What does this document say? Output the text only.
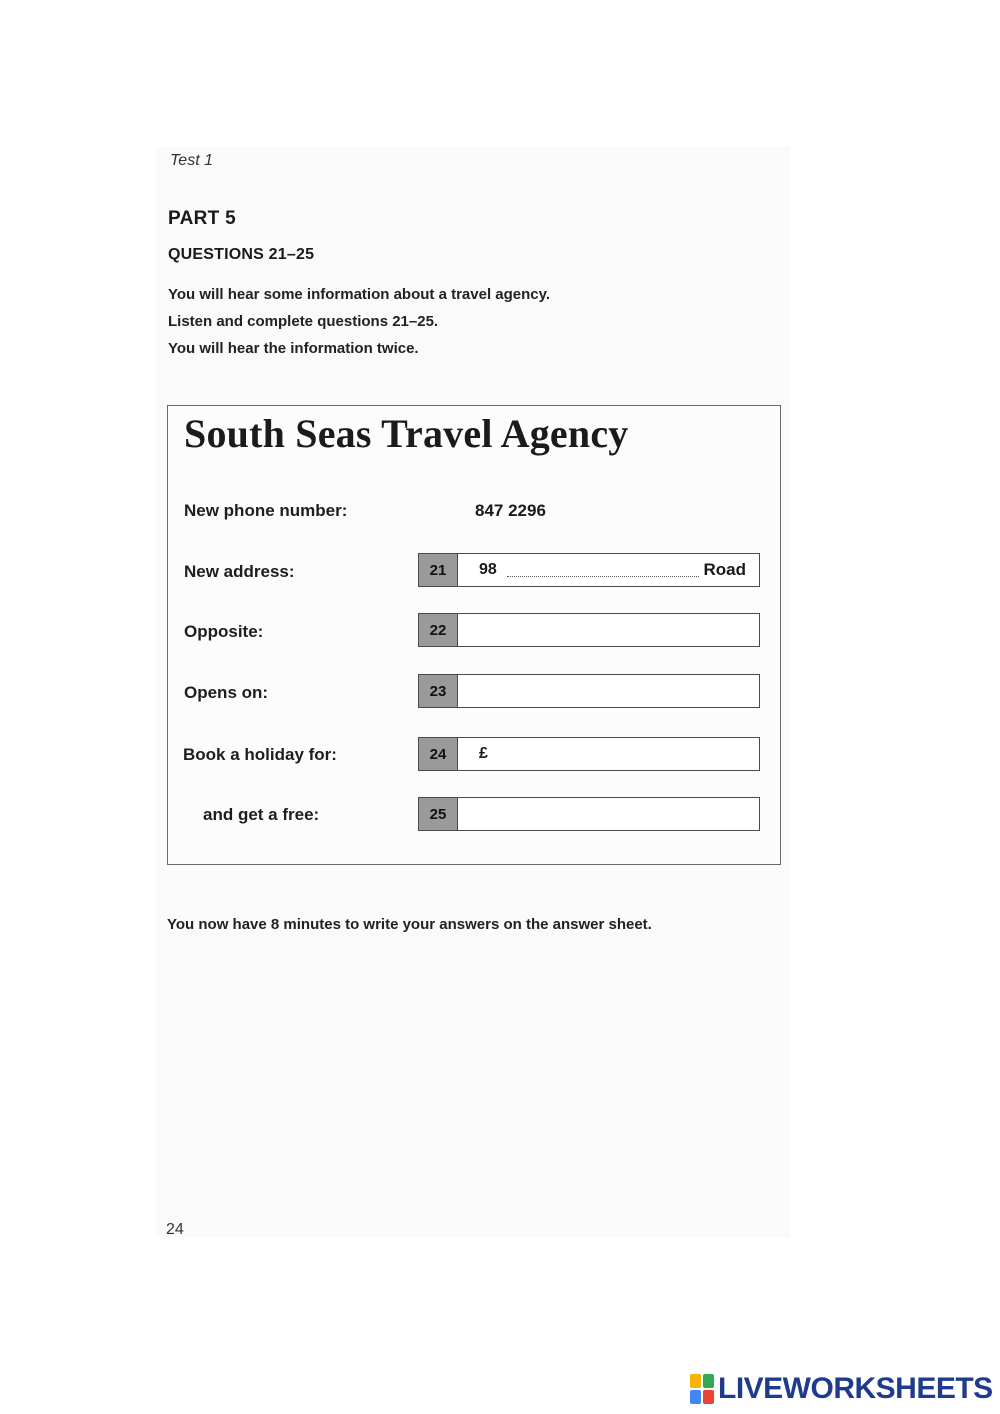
Test 1
PART 5
QUESTIONS 21–25
You will hear some information about a travel agency.
Listen and complete questions 21–25.
You will hear the information twice.
South Seas Travel Agency
New phone number:	847 2296
New address:	21	98	Road
Opposite:	22
Opens on:	23
Book a holiday for:	24	£
and get a free:	25
You now have 8 minutes to write your answers on the answer sheet.
24
LIVEWORKSHEETS
